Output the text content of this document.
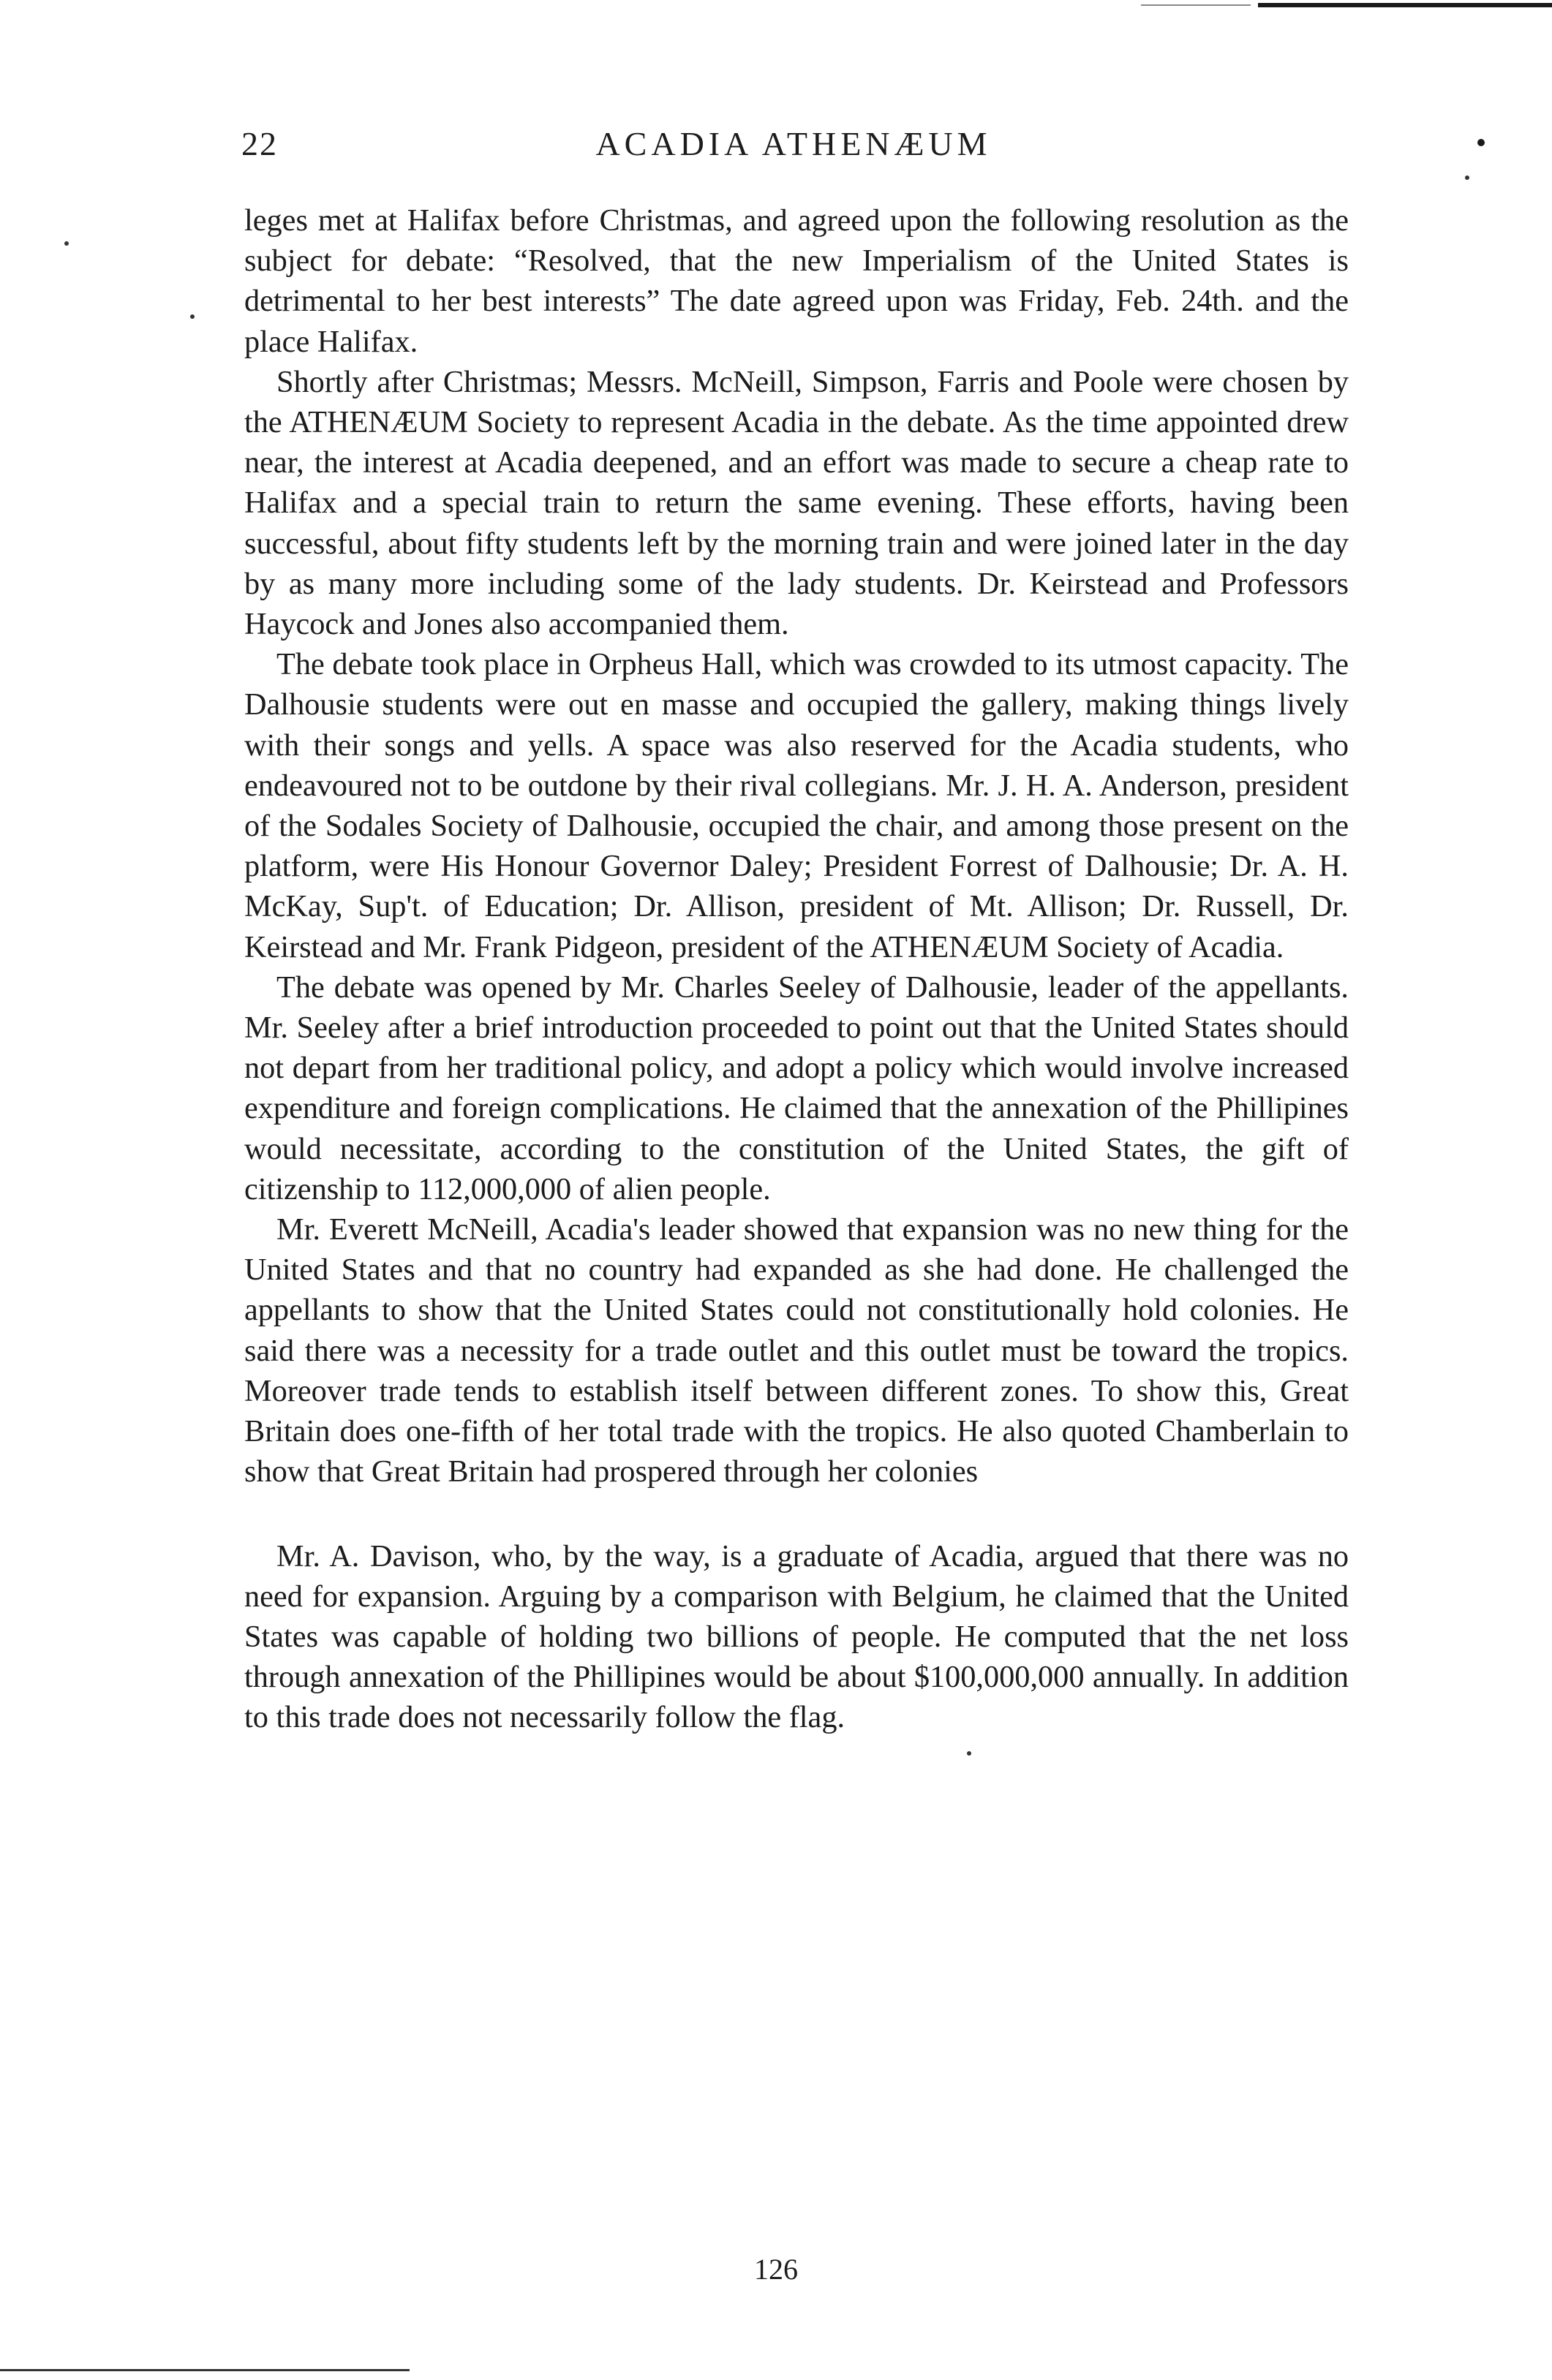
22	ACADIA ATHENÆUM

leges met at Halifax before Christmas, and agreed upon the following resolution as the subject for debate: “Resolved, that the new Imperialism of the United States is detrimental to her best interests” The date agreed upon was Friday, Feb. 24th. and the place Halifax.

Shortly after Christmas; Messrs. McNeill, Simpson, Farris and Poole were chosen by the ATHENÆUM Society to represent Acadia in the debate. As the time appointed drew near, the interest at Acadia deepened, and an effort was made to secure a cheap rate to Halifax and a special train to return the same evening. These efforts, having been successful, about fifty students left by the morning train and were joined later in the day by as many more including some of the lady students. Dr. Keirstead and Professors Haycock and Jones also accompanied them.

The debate took place in Orpheus Hall, which was crowded to its utmost capacity. The Dalhousie students were out en masse and occupied the gallery, making things lively with their songs and yells. A space was also reserved for the Acadia students, who endeavoured not to be outdone by their rival collegians. Mr. J. H. A. Anderson, president of the Sodales Society of Dalhousie, occupied the chair, and among those present on the platform, were His Honour Governor Daley; President Forrest of Dalhousie; Dr. A. H. McKay, Sup't. of Education; Dr. Allison, president of Mt. Allison; Dr. Russell, Dr. Keirstead and Mr. Frank Pidgeon, president of the ATHENÆUM Society of Acadia.

The debate was opened by Mr. Charles Seeley of Dalhousie, leader of the appellants. Mr. Seeley after a brief introduction proceeded to point out that the United States should not depart from her traditional policy, and adopt a policy which would involve increased expenditure and foreign complications. He claimed that the annexation of the Phillipines would necessitate, according to the constitution of the United States, the gift of citizenship to 112,000,000 of alien people.

Mr. Everett McNeill, Acadia's leader showed that expansion was no new thing for the United States and that no country had expanded as she had done. He challenged the appellants to show that the United States could not constitutionally hold colonies. He said there was a necessity for a trade outlet and this outlet must be toward the tropics. Moreover trade tends to establish itself between different zones. To show this, Great Britain does one-fifth of her total trade with the tropics. He also quoted Chamberlain to show that Great Britain had prospered through her colonies

Mr. A. Davison, who, by the way, is a graduate of Acadia, argued that there was no need for expansion. Arguing by a comparison with Belgium, he claimed that the United States was capable of holding two billions of people. He computed that the net loss through annexation of the Phillipines would be about $100,000,000 annually. In addition to this trade does not necessarily follow the flag.

126
